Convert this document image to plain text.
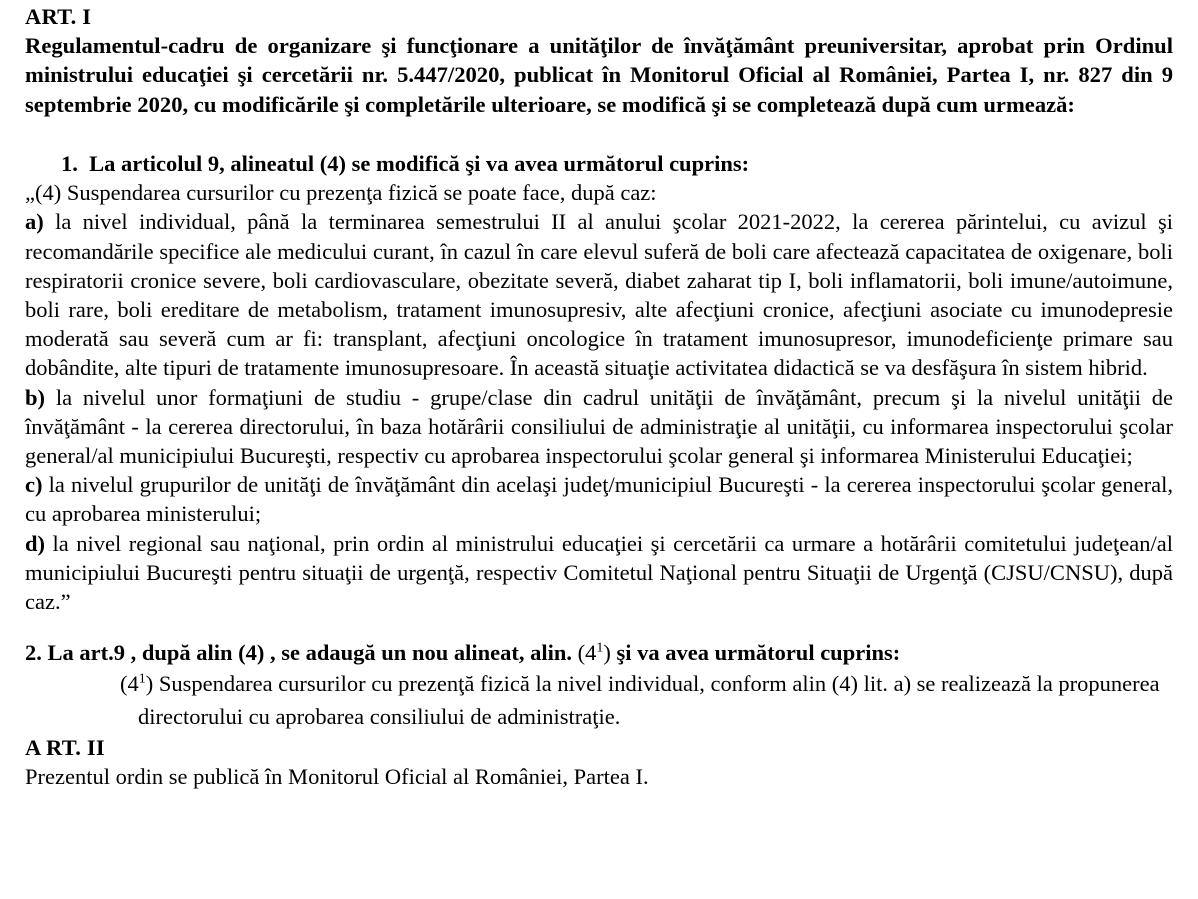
ART. I

Regulamentul-cadru de organizare şi funcţionare a unităţilor de învăţământ preuniversitar, aprobat prin Ordinul ministrului educaţiei şi cercetării nr. 5.447/2020, publicat în Monitorul Oficial al României, Partea I, nr. 827 din 9 septembrie 2020, cu modificările şi completările ulterioare, se modifică şi se completează după cum urmează:

1. La articolul 9, alineatul (4) se modifică şi va avea următorul cuprins:

„(4) Suspendarea cursurilor cu prezenţa fizică se poate face, după caz:

a) la nivel individual, până la terminarea semestrului II al anului şcolar 2021-2022, la cererea părintelui, cu avizul şi recomandările specifice ale medicului curant, în cazul în care elevul suferă de boli care afectează capacitatea de oxigenare, boli respiratorii cronice severe, boli cardiovasculare, obezitate severă, diabet zaharat tip I, boli inflamatorii, boli imune/autoimune, boli rare, boli ereditare de metabolism, tratament imunosupresiv, alte afecţiuni cronice, afecţiuni asociate cu imunodepresie moderată sau severă cum ar fi: transplant, afecţiuni oncologice în tratament imunosupresor, imunodeficienţe primare sau dobândite, alte tipuri de tratamente imunosupresoare. În această situaţie activitatea didactică se va desfăşura în sistem hibrid.

b) la nivelul unor formaţiuni de studiu - grupe/clase din cadrul unităţii de învăţământ, precum şi la nivelul unităţii de învăţământ - la cererea directorului, în baza hotărârii consiliului de administraţie al unităţii, cu informarea inspectorului şcolar general/al municipiului Bucureşti, respectiv cu aprobarea inspectorului şcolar general şi informarea Ministerului Educaţiei;

c) la nivelul grupurilor de unităţi de învăţământ din acelaşi judeţ/municipiul Bucureşti - la cererea inspectorului şcolar general, cu aprobarea ministerului;

d) la nivel regional sau naţional, prin ordin al ministrului educaţiei şi cercetării ca urmare a hotărârii comitetului judeţean/al municipiului Bucureşti pentru situaţii de urgenţă, respectiv Comitetul Naţional pentru Situaţii de Urgenţă (CJSU/CNSU), după caz.”

2. La art.9 , după alin (4) , se adaugă un nou alineat, alin. $(4^1)$ şi va avea următorul cuprins:

$(4^1)$ Suspendarea cursurilor cu prezenţă fizică la nivel individual, conform alin (4) lit. a) se realizează la propunerea directorului cu aprobarea consiliului de administraţie.

A RT. II

Prezentul ordin se publică în Monitorul Oficial al României, Partea I.
